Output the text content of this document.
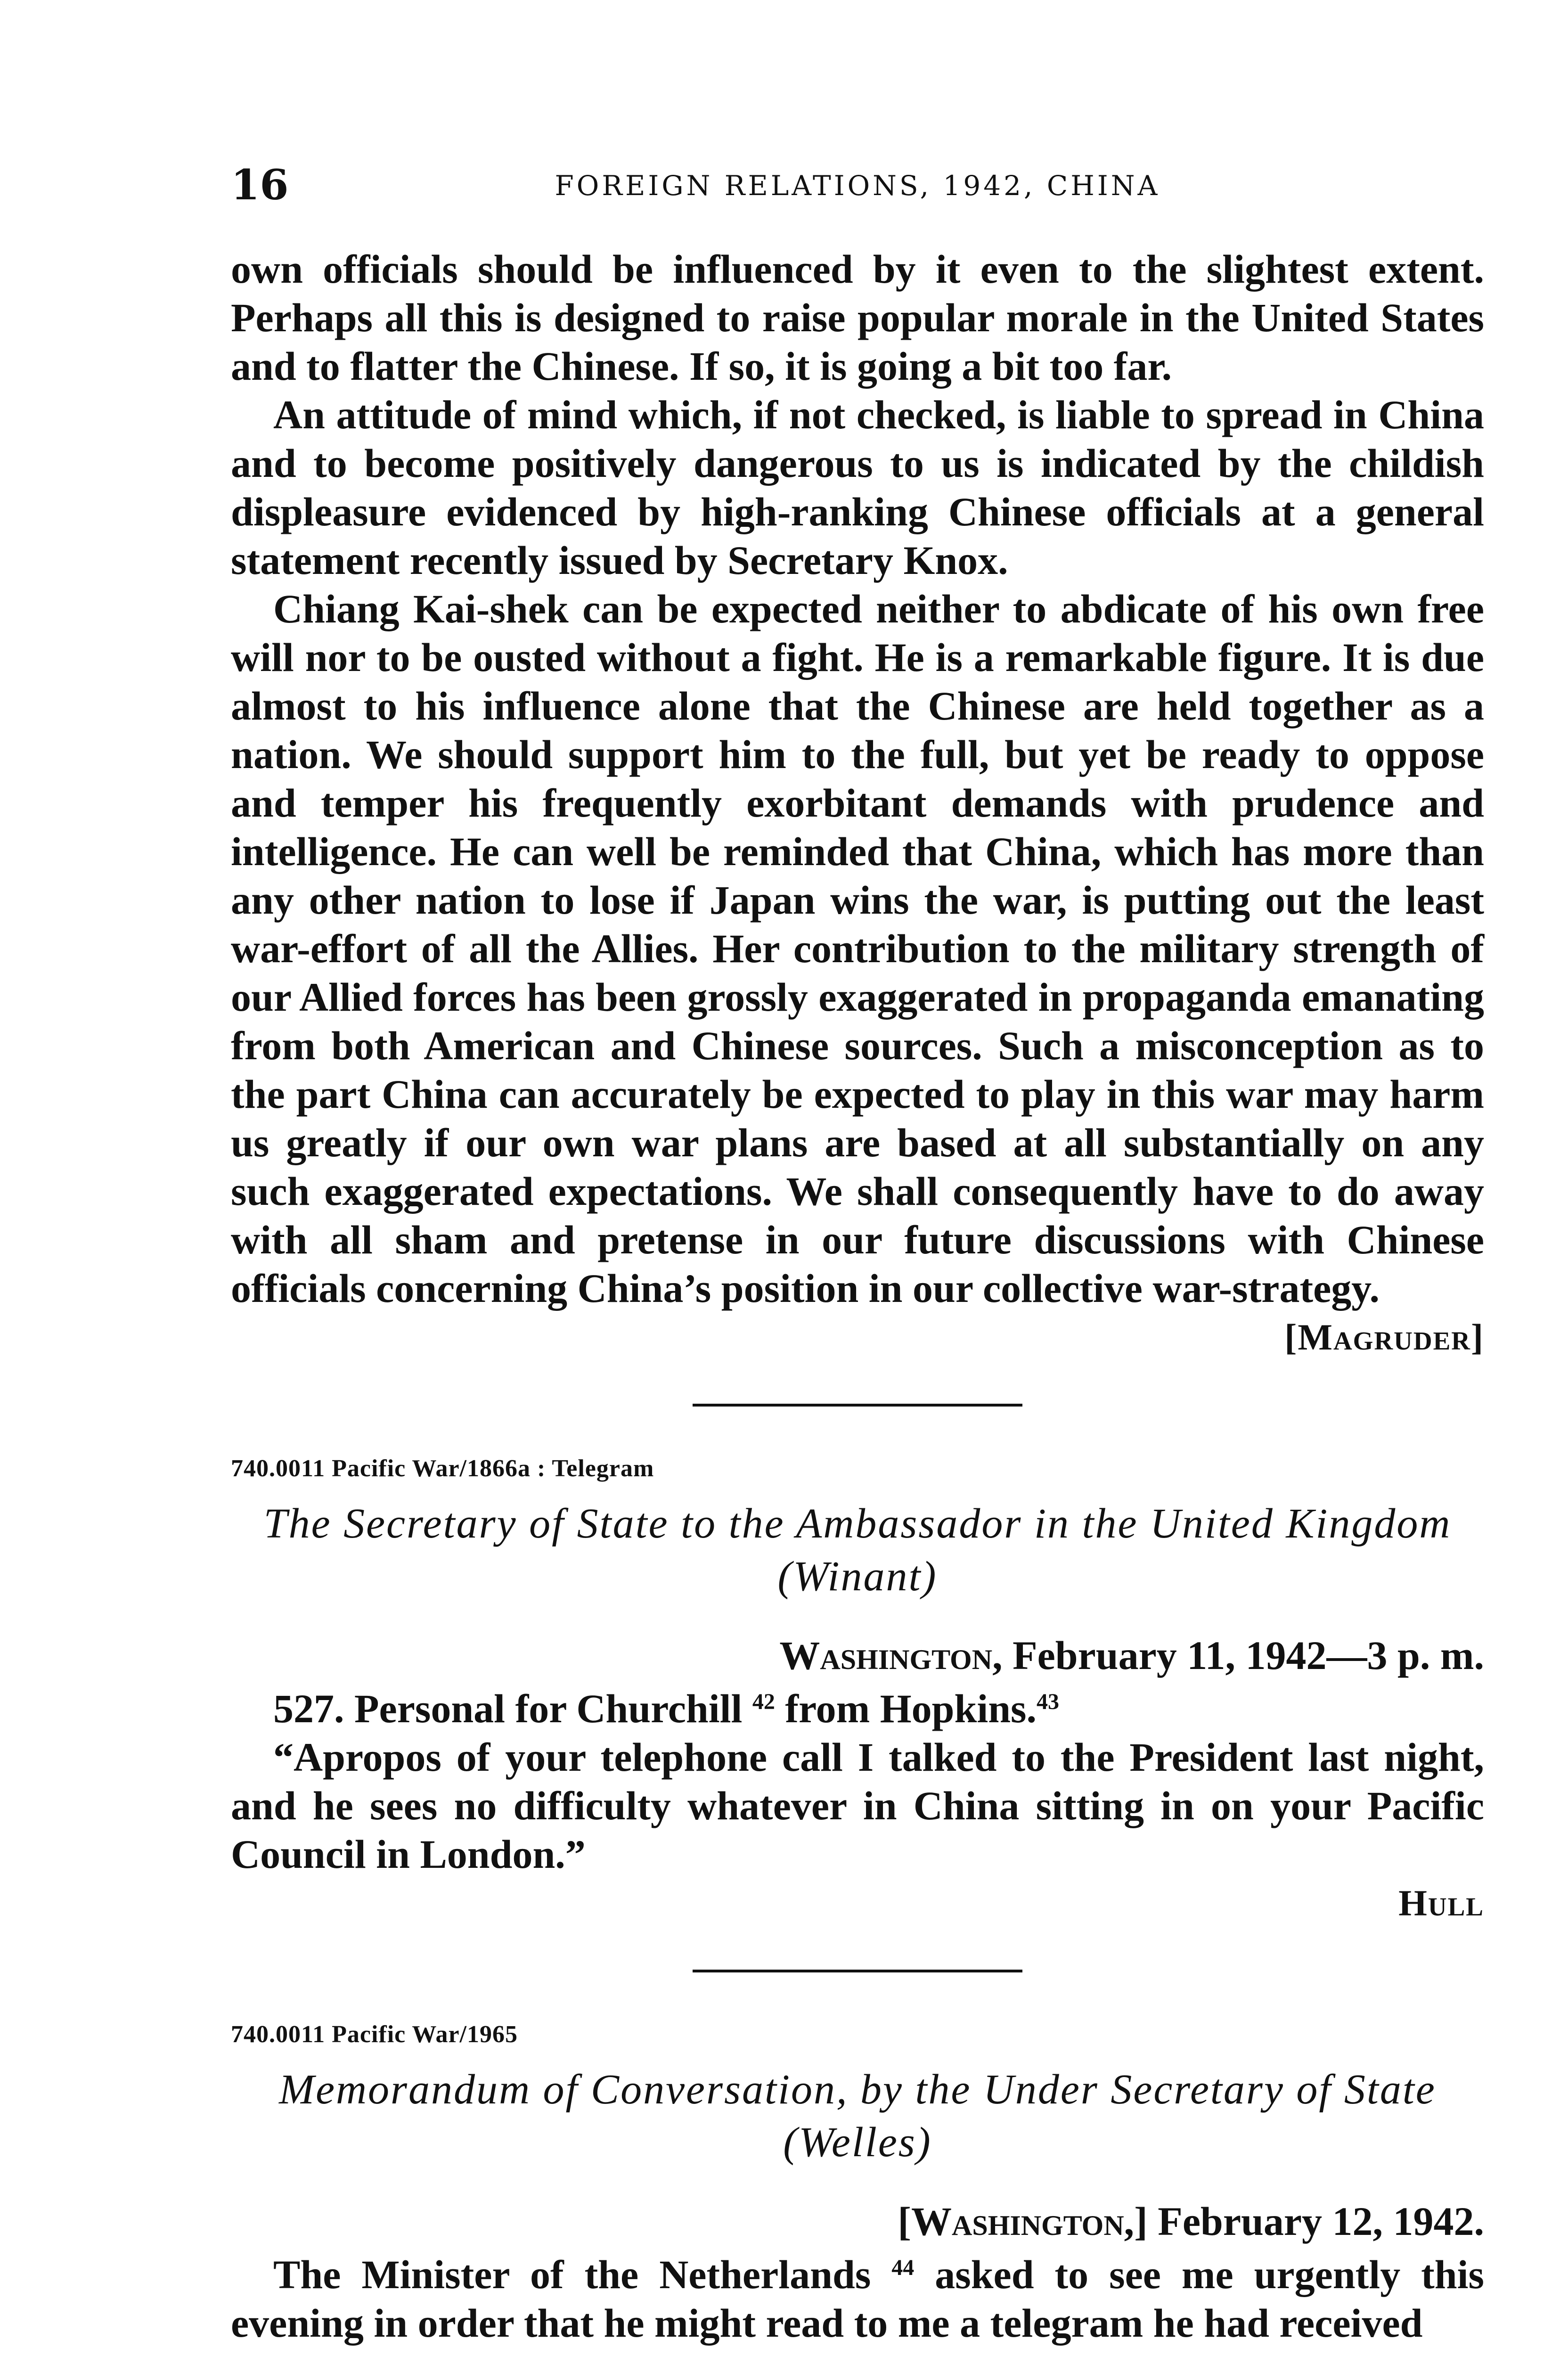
16	FOREIGN RELATIONS, 1942, CHINA

own officials should be influenced by it even to the slightest extent. Perhaps all this is designed to raise popular morale in the United States and to flatter the Chinese. If so, it is going a bit too far.

An attitude of mind which, if not checked, is liable to spread in China and to become positively dangerous to us is indicated by the childish displeasure evidenced by high-ranking Chinese officials at a general statement recently issued by Secretary Knox.

Chiang Kai-shek can be expected neither to abdicate of his own free will nor to be ousted without a fight. He is a remarkable figure. It is due almost to his influence alone that the Chinese are held together as a nation. We should support him to the full, but yet be ready to oppose and temper his frequently exorbitant demands with prudence and intelligence. He can well be reminded that China, which has more than any other nation to lose if Japan wins the war, is putting out the least war-effort of all the Allies. Her contribution to the military strength of our Allied forces has been grossly exaggerated in propaganda emanating from both American and Chinese sources. Such a misconception as to the part China can accurately be expected to play in this war may harm us greatly if our own war plans are based at all substantially on any such exaggerated expectations. We shall consequently have to do away with all sham and pretense in our future discussions with Chinese officials concerning China’s position in our collective war-strategy.

[Magruder]
740.0011 Pacific War/1866a : Telegram
The Secretary of State to the Ambassador in the United Kingdom
(Winant)
Washington, February 11, 1942—3 p. m.

527. Personal for Churchill $^{42}$ from Hopkins.$^{43}$

“Apropos of your telephone call I talked to the President last night, and he sees no difficulty whatever in China sitting in on your Pacific Council in London.”

Hull
740.0011 Pacific War/1965
Memorandum of Conversation, by the Under Secretary of State
(Welles)
[Washington,] February 12, 1942.

The Minister of the Netherlands $^{44}$ asked to see me urgently this evening in order that he might read to me a telegram he had received
